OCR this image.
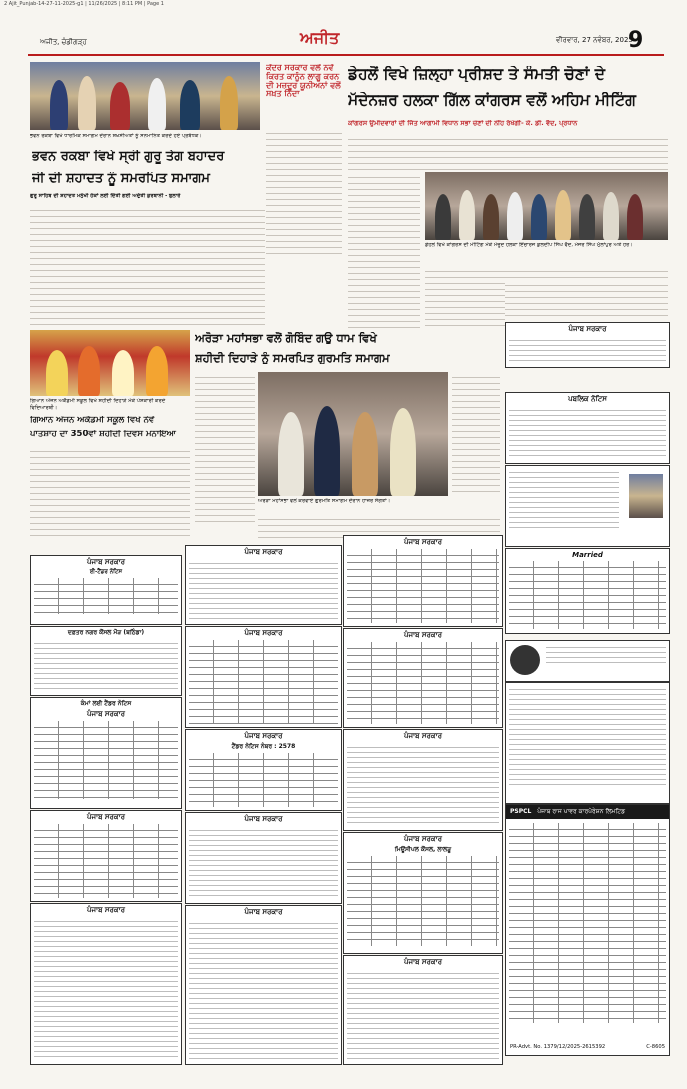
2 Ajit_Punjab-14-27-11-2025-g1 | 11/26/2025 | 8:11 PM | Page 1
ਅਜੀਤ, ਚੰਡੀਗੜ੍ਹ	ਅਜੀਤ	ਵੀਰਵਾਰ, 27 ਨਵੰਬਰ, 2025
9
ਭਵਨ ਰਕਬਾ ਵਿਖੇ ਧਾਰਮਿਕ ਸਮਾਗਮ ਦੌਰਾਨ ਸ਼ਖ਼ਸੀਅਤਾਂ ਨੂੰ ਸਨਮਾਨਿਤ ਕਰਦੇ ਹੋਏ ਪ੍ਰਬੰਧਕ।
ਕੇਂਦਰ ਸਰਕਾਰ ਵਲੋਂ ਨਵੇਂ ਕਿਰਤ ਕਾਨੂੰਨ ਲਾਗੂ ਕਰਨ ਦੀ ਮਜ਼ਦੂਰ ਯੂਨੀਅਨਾਂ ਵਲੋਂ ਸਖ਼ਤ ਨਿੰਦਾ
ਡੇਹਲੋਂ ਵਿਖੇ ਜ਼ਿਲ੍ਹਾ ਪ੍ਰੀਸ਼ਦ ਤੇ ਸੰਮਤੀ ਚੋਣਾਂ ਦੇ
ਮੱਦੇਨਜ਼ਰ ਹਲਕਾ ਗਿੱਲ ਕਾਂਗਰਸ ਵਲੋਂ ਅਹਿਮ ਮੀਟਿੰਗ
ਕਾਂਗਰਸ ਉਮੀਦਵਾਰਾਂ ਦੀ ਜਿੱਤ ਆਗਾਮੀ ਵਿਧਾਨ ਸਭਾ ਚੋਣਾਂ ਦੀ ਨੀਂਹ ਰੱਖੇਗੀ- ਕੇ. ਡੀ. ਵੈਦ, ਪ੍ਰਧਾਨ
ਡੇਹਲੋਂ ਵਿਖੇ ਕਾਂਗਰਸ ਦੀ ਮੀਟਿੰਗ ਮੌਕੇ ਮੌਜੂਦ ਹਲਕਾ ਇੰਚਾਰਜ ਕੁਲਦੀਪ ਸਿੰਘ ਵੈਦ, ਮੇਜਰ ਸਿੰਘ ਮੁੱਲਾਂਪੁਰ ਅਤੇ ਹੋਰ।
ਭਵਨ ਰਕਬਾ ਵਿਖੇ ਸ੍ਰੀ ਗੁਰੂ ਤੇਗ ਬਹਾਦਰ
ਜੀ ਦੀ ਸ਼ਹਾਦਤ ਨੂੰ ਸਮਰਪਿਤ ਸਮਾਗਮ
ਗੁਰੂ ਸਾਹਿਬ ਦੀ ਸ਼ਹਾਦਤ ਮਨੁੱਖੀ ਹੱਕਾਂ ਲਈ ਦਿੱਤੀ ਗਈ ਅਦੁੱਤੀ ਕੁਰਬਾਨੀ - ਬੁਲਾਰੇ
ਗਿਆਨ ਅੰਜਨ ਅਕੈਡਮੀ ਸਕੂਲ ਵਿਖੇ ਸ਼ਹੀਦੀ ਦਿਹਾੜੇ ਮੌਕੇ ਪੇਸ਼ਕਾਰੀ ਕਰਦੇ ਵਿਦਿਆਰਥੀ।
ਗਿਆਨ ਅੰਜਨ ਅਕੈਡਮੀ ਸਕੂਲ ਵਿਖੇ ਨੌਵੇਂ
ਪਾਤਸ਼ਾਹ ਦਾ 350ਵਾਂ ਸ਼ਹੀਦੀ ਦਿਵਸ ਮਨਾਇਆ
ਅਰੋੜਾ ਮਹਾਂਸਭਾ ਵਲੋਂ ਗੋਬਿੰਦ ਗਊ ਧਾਮ ਵਿਖੇ
ਸ਼ਹੀਦੀ ਦਿਹਾੜੇ ਨੂੰ ਸਮਰਪਿਤ ਗੁਰਮਤਿ ਸਮਾਗਮ
ਅਰੋੜਾ ਮਹਾਂਸਭਾ ਵਲੋਂ ਕਰਵਾਏ ਗੁਰਮਤਿ ਸਮਾਗਮ ਦੌਰਾਨ ਹਾਜ਼ਰ ਸੰਗਤਾਂ।
ਪੰਜਾਬ ਸਰਕਾਰ
ਪਬਲਿਕ ਨੋਟਿਸ
Married
PSPCL ਪੰਜਾਬ ਰਾਜ ਪਾਵਰ ਕਾਰਪੋਰੇਸ਼ਨ ਲਿਮਟਿਡ
PR-Advt. No. 1379/12/2025-2615392	C-8605
ਪੰਜਾਬ ਸਰਕਾਰ
ਈ-ਟੈਂਡਰ ਨੋਟਿਸ
ਦਫ਼ਤਰ ਨਗਰ ਕੌਂਸਲ ਮੌੜ (ਬਠਿੰਡਾ)
ਕੰਮਾਂ ਲਈ ਟੈਂਡਰ ਨੋਟਿਸ
ਪੰਜਾਬ ਸਰਕਾਰ
ਪੰਜਾਬ ਸਰਕਾਰ
ਪੰਜਾਬ ਸਰਕਾਰ
ਪੰਜਾਬ ਸਰਕਾਰ
ਪੰਜਾਬ ਸਰਕਾਰ
ਪੰਜਾਬ ਸਰਕਾਰ
ਟੈਂਡਰ ਨੋਟਿਸ ਨੰਬਰ : 2578
ਪੰਜਾਬ ਸਰਕਾਰ
ਪੰਜਾਬ ਸਰਕਾਰ
ਪੰਜਾਬ ਸਰਕਾਰ
ਪੰਜਾਬ ਸਰਕਾਰ
ਪੰਜਾਬ ਸਰਕਾਰ
ਪੰਜਾਬ ਸਰਕਾਰ
ਮਿਊਂਸੀਪਲ ਕੌਂਸਲ, ਲਾਲੜੂ
ਪੰਜਾਬ ਸਰਕਾਰ
